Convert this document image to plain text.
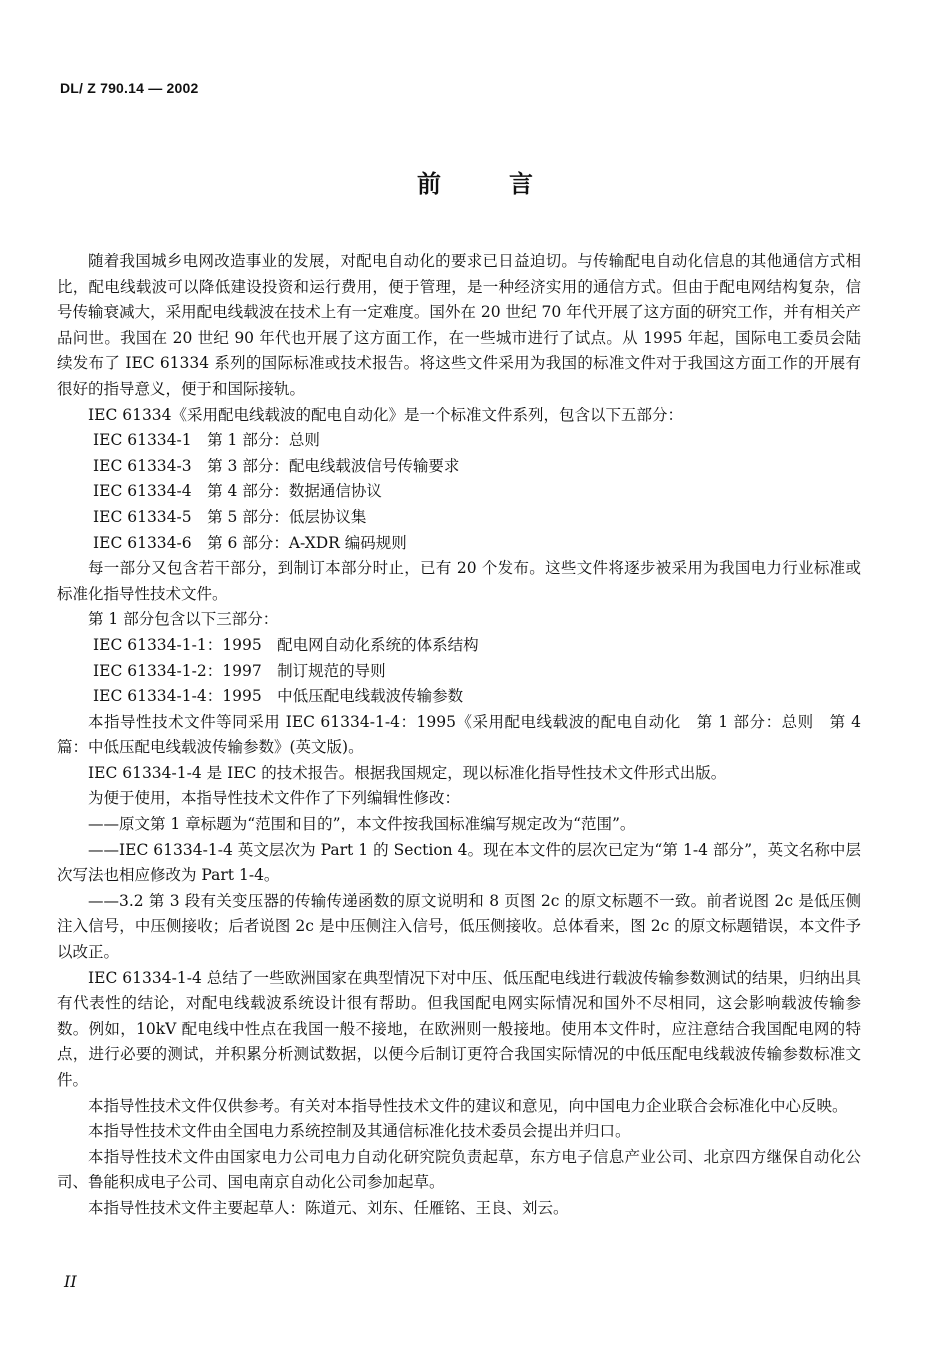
DL/ Z 790.14 — 2002
前言

随着我国城乡电网改造事业的发展，对配电自动化的要求已日益迫切。与传输配电自动化信息的其他通信方式相比，配电线载波可以降低建设投资和运行费用，便于管理，是一种经济实用的通信方式。但由于配电网结构复杂，信号传输衰减大，采用配电线载波在技术上有一定难度。国外在 20 世纪 70 年代开展了这方面的研究工作，并有相关产品问世。我国在 20 世纪 90 年代也开展了这方面工作，在一些城市进行了试点。从 1995 年起，国际电工委员会陆续发布了 IEC 61334 系列的国际标准或技术报告。将这些文件采用为我国的标准文件对于我国这方面工作的开展有很好的指导意义，便于和国际接轨。

IEC 61334《采用配电线载波的配电自动化》是一个标准文件系列，包含以下五部分：

IEC 61334-1　第 1 部分：总则

IEC 61334-3　第 3 部分：配电线载波信号传输要求

IEC 61334-4　第 4 部分：数据通信协议

IEC 61334-5　第 5 部分：低层协议集

IEC 61334-6　第 6 部分：A-XDR 编码规则

每一部分又包含若干部分，到制订本部分时止，已有 20 个发布。这些文件将逐步被采用为我国电力行业标准或标准化指导性技术文件。

第 1 部分包含以下三部分：

IEC 61334-1-1：1995　配电网自动化系统的体系结构

IEC 61334-1-2：1997　制订规范的导则

IEC 61334-1-4：1995　中低压配电线载波传输参数

本指导性技术文件等同采用 IEC 61334-1-4：1995《采用配电线载波的配电自动化　第 1 部分：总则　第 4 篇：中低压配电线载波传输参数》(英文版)。

IEC 61334-1-4 是 IEC 的技术报告。根据我国规定，现以标准化指导性技术文件形式出版。

为便于使用，本指导性技术文件作了下列编辑性修改：

——原文第 1 章标题为“范围和目的”，本文件按我国标准编写规定改为“范围”。

——IEC 61334-1-4 英文层次为 Part 1 的 Section 4。现在本文件的层次已定为“第 1-4 部分”，英文名称中层次写法也相应修改为 Part 1-4。

——3.2 第 3 段有关变压器的传输传递函数的原文说明和 8 页图 2c 的原文标题不一致。前者说图 2c 是低压侧注入信号，中压侧接收；后者说图 2c 是中压侧注入信号，低压侧接收。总体看来，图 2c 的原文标题错误，本文件予以改正。

IEC 61334-1-4 总结了一些欧洲国家在典型情况下对中压、低压配电线进行载波传输参数测试的结果，归纳出具有代表性的结论，对配电线载波系统设计很有帮助。但我国配电网实际情况和国外不尽相同，这会影响载波传输参数。例如，10kV 配电线中性点在我国一般不接地，在欧洲则一般接地。使用本文件时，应注意结合我国配电网的特点，进行必要的测试，并积累分析测试数据，以便今后制订更符合我国实际情况的中低压配电线载波传输参数标准文件。

本指导性技术文件仅供参考。有关对本指导性技术文件的建议和意见，向中国电力企业联合会标准化中心反映。

本指导性技术文件由全国电力系统控制及其通信标准化技术委员会提出并归口。

本指导性技术文件由国家电力公司电力自动化研究院负责起草，东方电子信息产业公司、北京四方继保自动化公司、鲁能积成电子公司、国电南京自动化公司参加起草。

本指导性技术文件主要起草人：陈道元、刘东、任雁铭、王良、刘云。

II
